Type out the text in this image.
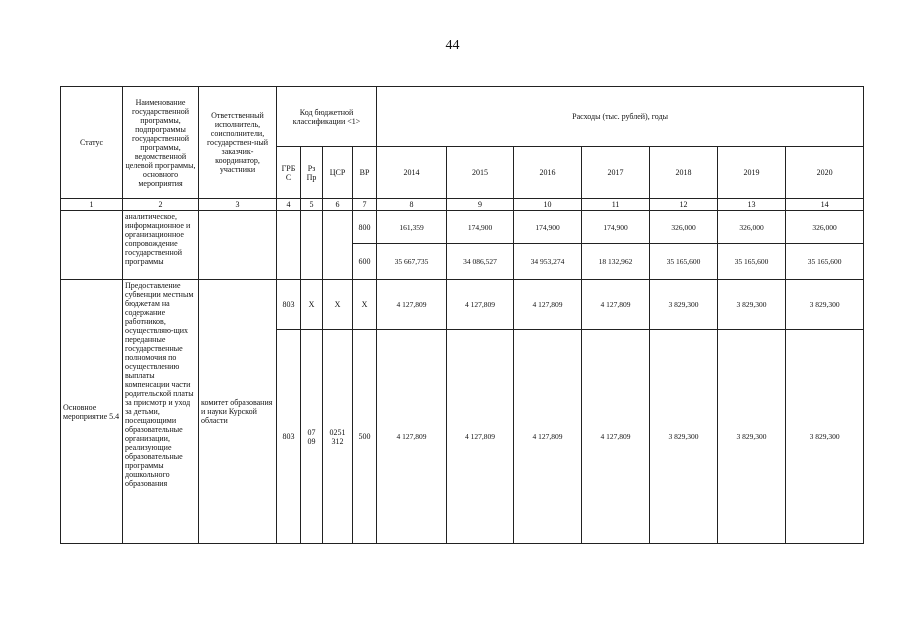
44
Статус	Наименование государственной программы, подпрограммы государственной программы, ведомственной целевой программы, основного мероприятия	Ответственный исполнитель, соисполнители, государствен-ный заказчик-координатор, участники	Код бюджетной классификации <1>				Расходы (тыс. рублей), годы						
			ГРБ С	Рз Пр	ЦСР	ВР	2014	2015	2016	2017	2018	2019	2020
1	2	3	4	5	6	7	8	9	10	11	12	13	14
	аналитическое, информационное и организационное сопровождение государственной программы					800	161,359	174,900	174,900	174,900	326,000	326,000	326,000
						600	35 667,735	34 086,527	34 953,274	18 132,962	35 165,600	35 165,600	35 165,600
Основное мероприятие 5.4	Предоставление субвенции местным бюджетам на содержание работников, осуществляю-щих переданные государственные полномочия по осуществлению выплаты компенсации части родительской платы за присмотр и уход за детьми, посещающими образовательные организации, реализующие образовательные программы дошкольного образования	комитет образования и науки Курской области	803	Х	Х	Х	4 127,809	4 127,809	4 127,809	4 127,809	3 829,300	3 829,300	3 829,300
			803	07 09	0251 312	500	4 127,809	4 127,809	4 127,809	4 127,809	3 829,300	3 829,300	3 829,300
